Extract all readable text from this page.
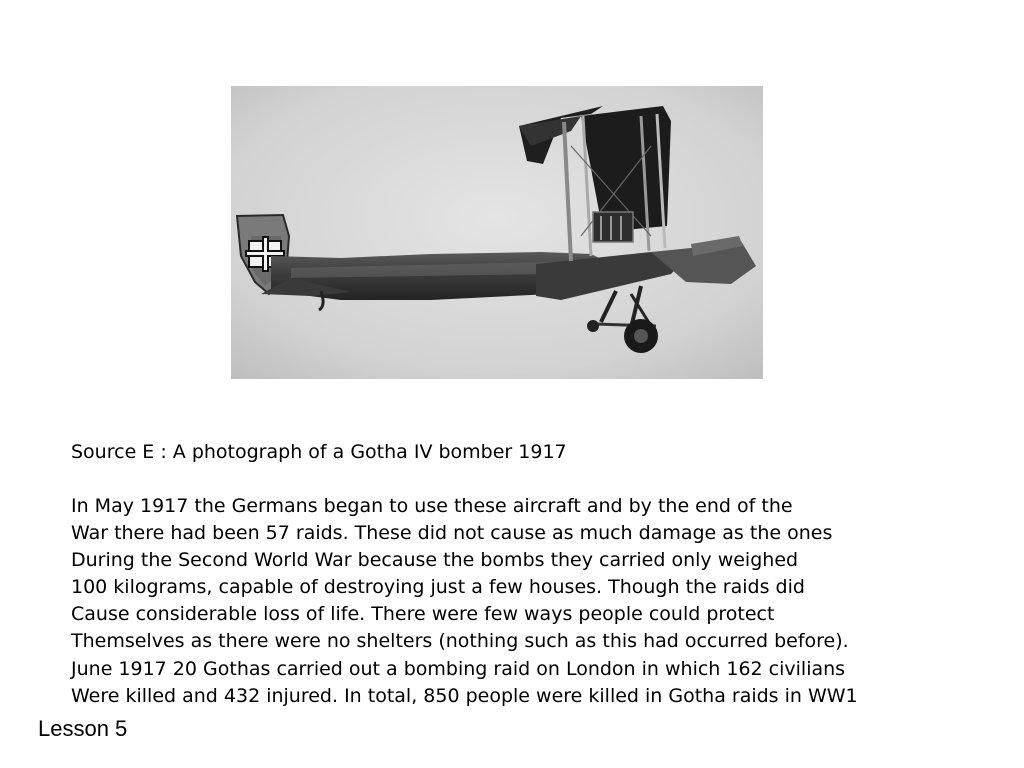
Source E : A photograph of a Gotha IV bomber 1917

In May 1917 the Germans began to use these aircraft and by the end of the
War there had been 57 raids. These did not cause as much damage as the ones
During the Second World War because the bombs they carried only weighed
100 kilograms, capable of destroying just a few houses. Though the raids did
Cause considerable loss of life. There were few ways people could protect
Themselves as there were no shelters (nothing such as this had occurred before).
June 1917 20 Gothas carried out a bombing raid on London in which 162 civilians
Were killed and 432 injured. In total, 850 people were killed in Gotha raids in WW1

Lesson 5
